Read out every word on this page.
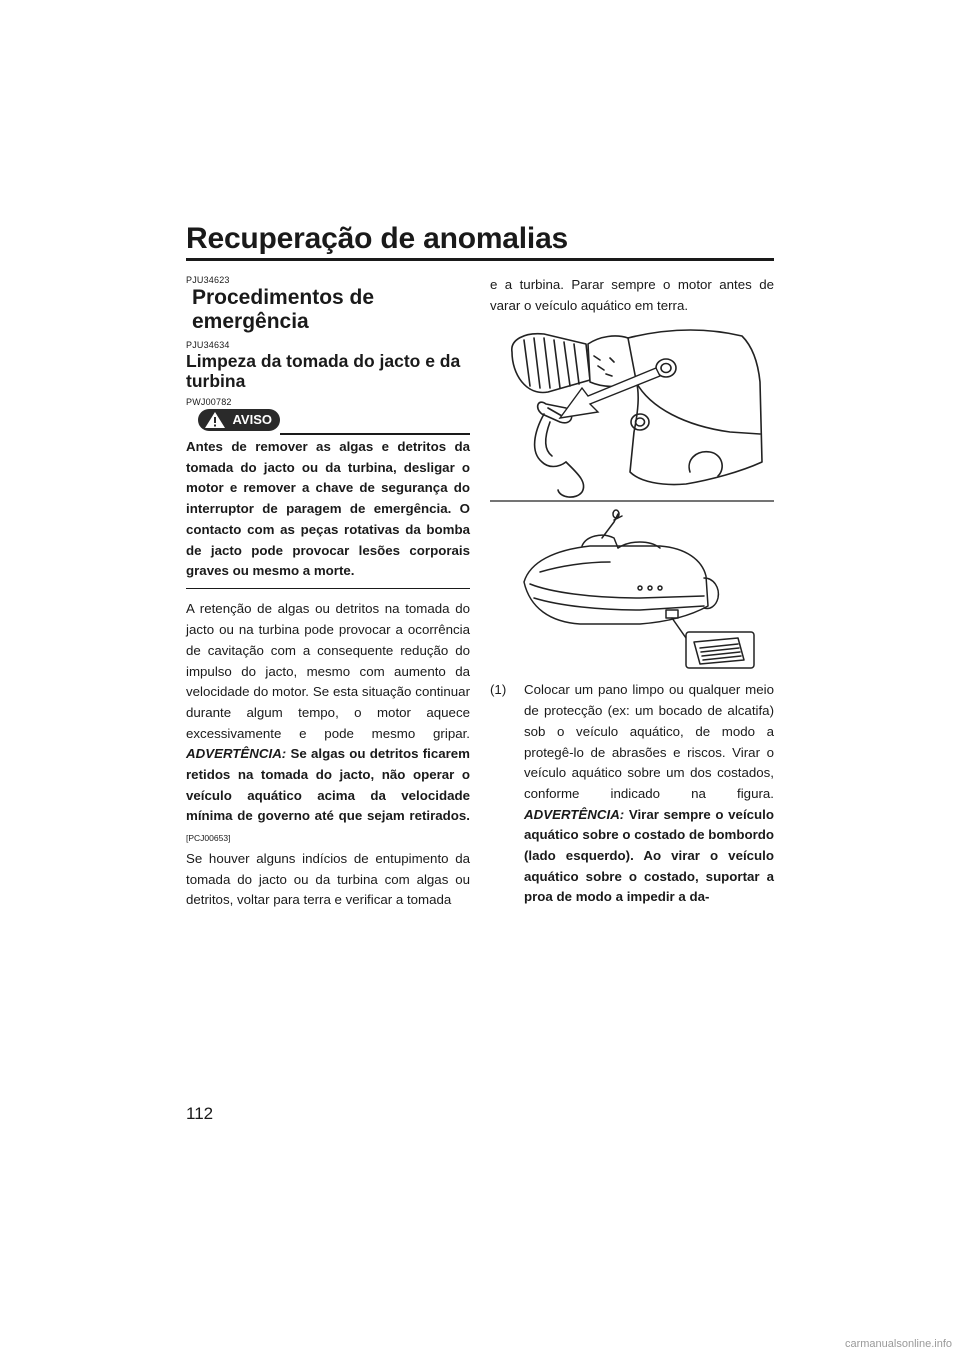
Recuperação de anomalias
PJU34623
Procedimentos de emergência
PJU34634
Limpeza da tomada do jacto e da turbina
PWJ00782
AVISO
Antes de remover as algas e detritos da tomada do jacto ou da turbina, desligar o motor e remover a chave de segurança do interruptor de paragem de emergência. O contacto com as peças rotativas da bomba de jacto pode provocar lesões corporais graves ou mesmo a morte.

A retenção de algas ou detritos na tomada do jacto ou na turbina pode provocar a ocorrência de cavitação com a consequente redução do impulso do jacto, mesmo com aumento da velocidade do motor. Se esta situação continuar durante algum tempo, o motor aquece excessivamente e pode mesmo gripar. ADVERTÊNCIA: Se algas ou detritos ficarem retidos na tomada do jacto, não operar o veículo aquático acima da velocidade mínima de governo até que sejam retirados. [PCJ00653]

Se houver alguns indícios de entupimento da tomada do jacto ou da turbina com algas ou detritos, voltar para terra e verificar a tomada

e a turbina. Parar sempre o motor antes de varar o veículo aquático em terra.

(1) Colocar um pano limpo ou qualquer meio de protecção (ex: um bocado de alcatifa) sob o veículo aquático, de modo a protegê-lo de abrasões e riscos. Virar o veículo aquático sobre um dos costados, conforme indicado na figura. ADVERTÊNCIA: Virar sempre o veículo aquático sobre o costado de bombordo (lado esquerdo). Ao virar o veículo aquático sobre o costado, suportar a proa de modo a impedir a da-

112
carmanualsonline.info
